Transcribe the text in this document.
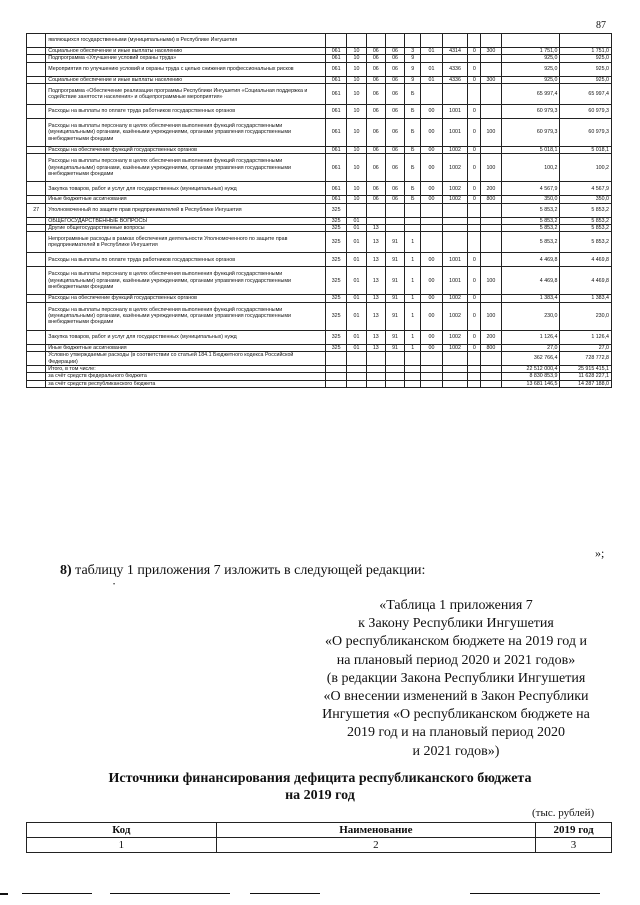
87
	являющихся государственными (муниципальными) в Республике Ингушетия											
	Социальное обеспечение и иные выплаты населению	061	10	06	06	3	01	4314	0	300	1 751,0	1 751,0
	Подпрограмма «Улучшение условий охраны труда»	061	10	06	06	9					925,0	925,0
	Мероприятия по улучшению условий и охраны труда с целью снижения профессиональных рисков	061	10	06	06	9	01	4336	0		925,0	925,0
	Социальное обеспечение и иные выплаты населению	061	10	06	06	9	01	4336	0	300	925,0	925,0
	Подпрограмма «Обеспечение реализации программы Республики Ингушетия «Социальная поддержка и содействие занятости населения» и общепрограммные мероприятия»	061	10	06	06	Б					65 997,4	65 997,4
	Расходы на выплаты по оплате труда работников государственных органов	061	10	06	06	Б	00	1001	0		60 979,3	60 979,3
	Расходы на выплаты персоналу в целях обеспечения выполнения функций государственными (муниципальными) органами, казёнными учреждениями, органами управления государственными внебюджетными фондами	061	10	06	06	Б	00	1001	0	100	60 979,3	60 979,3
	Расходы на обеспечение функций государственных органов	061	10	06	06	Б	00	1002	0		5 018,1	5 018,1
	Расходы на выплаты персоналу в целях обеспечения выполнения функций государственными (муниципальными) органами, казёнными учреждениями, органами управления государственными внебюджетными фондами	061	10	06	06	Б	00	1002	0	100	100,2	100,2
	Закупка товаров, работ и услуг для государственных (муниципальных) нужд	061	10	06	06	Б	00	1002	0	200	4 567,9	4 567,9
	Иные бюджетные ассигнования	061	10	06	06	Б	00	1002	0	800	350,0	350,0
27	Уполномоченный по защите прав предпринимателей в Республике Ингушетия	325									5 853,2	5 853,2
	ОБЩЕГОСУДАРСТВЕННЫЕ ВОПРОСЫ	325	01								5 853,2	5 853,2
	Другие общегосударственные вопросы	325	01	13							5 853,2	5 853,2
	Непрограммные расходы в рамках обеспечения деятельности Уполномоченного по защите прав предпринимателей в Республике Ингушетия	325	01	13	91	1					5 853,2	5 853,2
	Расходы на выплаты по оплате труда работников государственных органов	325	01	13	91	1	00	1001	0		4 469,8	4 469,8
	Расходы на выплаты персоналу в целях обеспечения выполнения функций государственными (муниципальными) органами, казёнными учреждениями, органами управления государственными внебюджетными фондами	325	01	13	91	1	00	1001	0	100	4 469,8	4 469,8
	Расходы на обеспечение функций государственных органов	325	01	13	91	1	00	1002	0		1 383,4	1 383,4
	Расходы на выплаты персоналу в целях обеспечения выполнения функций государственными (муниципальными) органами, казёнными учреждениями, органами управления государственными внебюджетными фондами	325	01	13	91	1	00	1002	0	100	230,0	230,0
	Закупка товаров, работ и услуг для государственных (муниципальных) нужд	325	01	13	91	1	00	1002	0	200	1 126,4	1 126,4
	Иные бюджетные ассигнования	325	01	13	91	1	00	1002	0	800	27,0	27,0
	Условно утверждаемые расходы (в соответствии со статьей 184.1 Бюджетного кодекса Российской Федерации)										362 766,4	728 772,8
	Итого, в том числе:										22 512 000,4	25 915 415,1
	за счёт средств федерального бюджета										8 830 853,9	11 628 227,1
	за счёт средств республиканского бюджета										13 681 146,5	14 287 188,0
»;
8) таблицу 1 приложения 7 изложить в следующей редакции:
•
«Таблица 1 приложения 7
к Закону Республики Ингушетия
«О республиканском бюджете на 2019 год и
на плановый период 2020 и 2021 годов»
(в редакции Закона Республики Ингушетия
«О внесении изменений в Закон Республики
Ингушетия «О республиканском бюджете на
2019 год и на плановый период 2020
и 2021 годов»)
Источники финансирования дефицита республиканского бюджета
на 2019 год
(тыс. рублей)
Код	Наименование	2019 год
1	2	3
